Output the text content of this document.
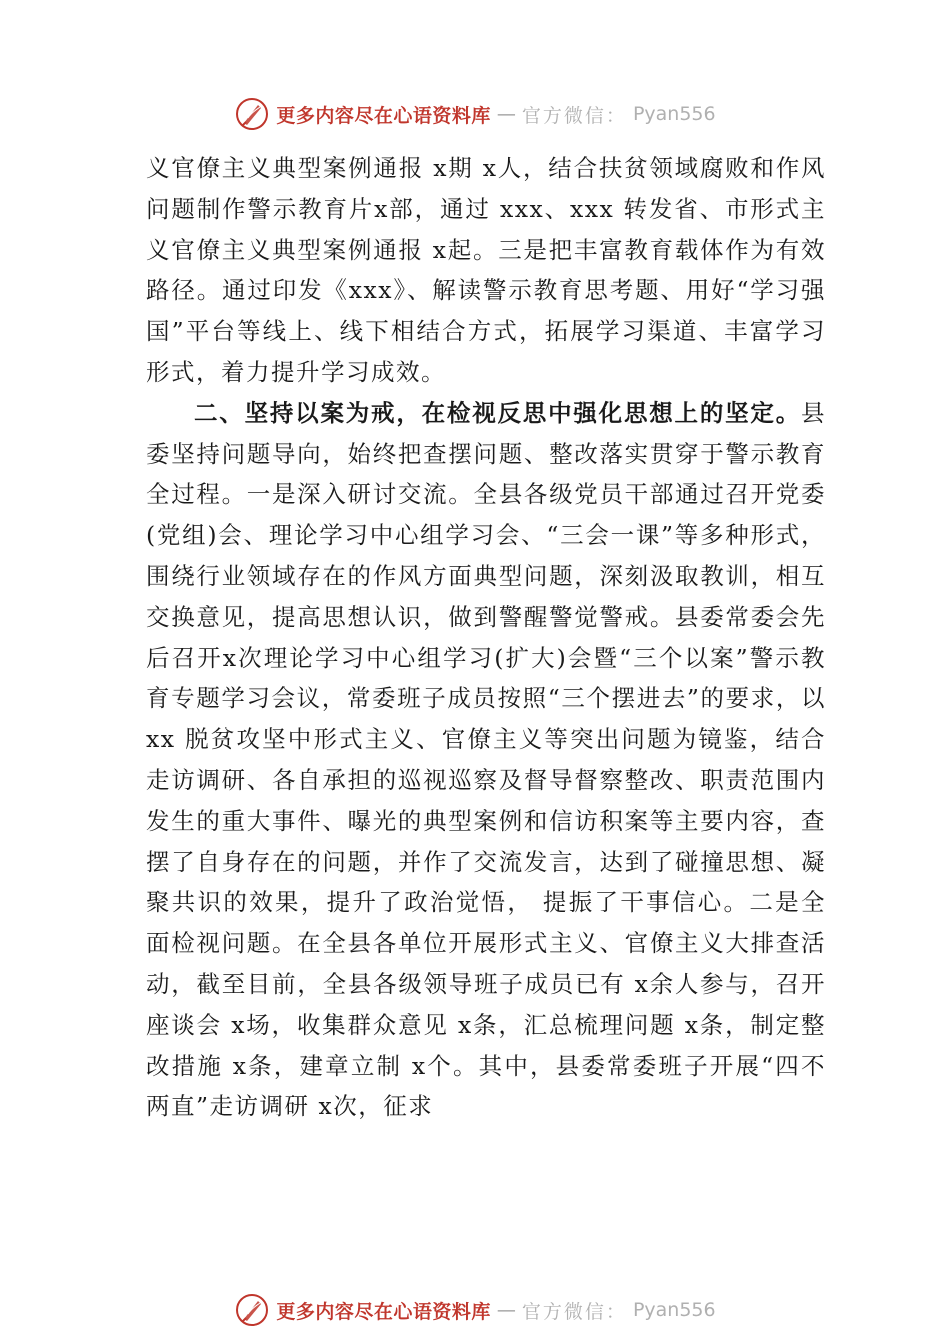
更多内容尽在心语资料库 — 官方微信： Pyan556

义官僚主义典型案例通报 x期 x人，结合扶贫领域腐败和作风问题制作警示教育片x部，通过 xxx、xxx 转发省、市形式主义官僚主义典型案例通报 x起。三是把丰富教育载体作为有效路径。通过印发《xxx》、解读警示教育思考题、用好“学习强国”平台等线上、线下相结合方式，拓展学习渠道、丰富学习形式，着力提升学习成效。

二、坚持以案为戒，在检视反思中强化思想上的坚定。县委坚持问题导向，始终把查摆问题、整改落实贯穿于警示教育全过程。一是深入研讨交流。全县各级党员干部通过召开党委(党组)会、理论学习中心组学习会、“三会一课”等多种形式，围绕行业领域存在的作风方面典型问题，深刻汲取教训，相互交换意见，提高思想认识，做到警醒警觉警戒。县委常委会先后召开x次理论学习中心组学习(扩大)会暨“三个以案”警示教育专题学习会议，常委班子成员按照“三个摆进去”的要求，以 xx 脱贫攻坚中形式主义、官僚主义等突出问题为镜鉴，结合走访调研、各自承担的巡视巡察及督导督察整改、职责范围内发生的重大事件、曝光的典型案例和信访积案等主要内容，查摆了自身存在的问题，并作了交流发言，达到了碰撞思想、凝聚共识的效果，提升了政治觉悟， 提振了干事信心。二是全面检视问题。在全县各单位开展形式主义、官僚主义大排查活动，截至目前，全县各级领导班子成员已有 x余人参与，召开座谈会 x场，收集群众意见 x条，汇总梳理问题 x条，制定整改措施 x条，建章立制 x个。其中，县委常委班子开展“四不两直”走访调研 x次，征求

更多内容尽在心语资料库 — 官方微信： Pyan556
